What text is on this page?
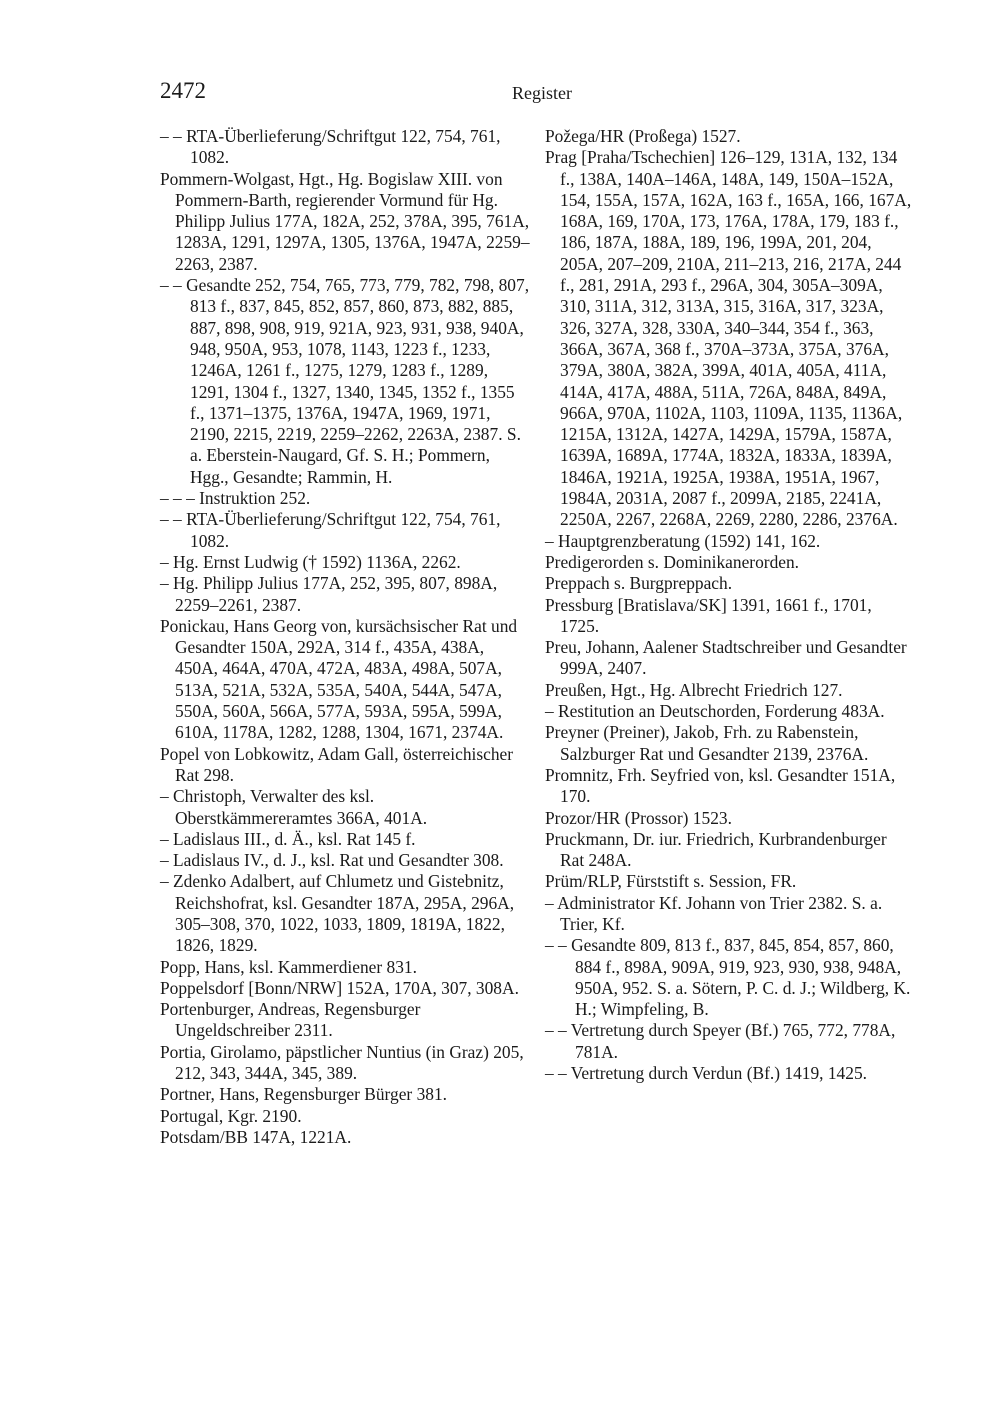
2472	Register
– – RTA-Überlieferung/Schriftgut 122, 754, 761, 1082.
Pommern-Wolgast, Hgt., Hg. Bogislaw XIII. von Pommern-Barth, regierender Vormund für Hg. Philipp Julius 177A, 182A, 252, 378A, 395, 761A, 1283A, 1291, 1297A, 1305, 1376A, 1947A, 2259–2263, 2387.
– – Gesandte 252, 754, 765, 773, 779, 782, 798, 807, 813 f., 837, 845, 852, 857, 860, 873, 882, 885, 887, 898, 908, 919, 921A, 923, 931, 938, 940A, 948, 950A, 953, 1078, 1143, 1223 f., 1233, 1246A, 1261 f., 1275, 1279, 1283 f., 1289, 1291, 1304 f., 1327, 1340, 1345, 1352 f., 1355 f., 1371–1375, 1376A, 1947A, 1969, 1971, 2190, 2215, 2219, 2259–2262, 2263A, 2387. S. a. Eberstein-Naugard, Gf. S. H.; Pommern, Hgg., Gesandte; Rammin, H.
– – – Instruktion 252.
– – RTA-Überlieferung/Schriftgut 122, 754, 761, 1082.
– Hg. Ernst Ludwig († 1592) 1136A, 2262.
– Hg. Philipp Julius 177A, 252, 395, 807, 898A, 2259–2261, 2387.
Ponickau, Hans Georg von, kursächsischer Rat und Gesandter 150A, 292A, 314 f., 435A, 438A, 450A, 464A, 470A, 472A, 483A, 498A, 507A, 513A, 521A, 532A, 535A, 540A, 544A, 547A, 550A, 560A, 566A, 577A, 593A, 595A, 599A, 610A, 1178A, 1282, 1288, 1304, 1671, 2374A.
Popel von Lobkowitz, Adam Gall, österreichischer Rat 298.
– Christoph, Verwalter des ksl. Oberstkämmereramtes 366A, 401A.
– Ladislaus III., d. Ä., ksl. Rat 145 f.
– Ladislaus IV., d. J., ksl. Rat und Gesandter 308.
– Zdenko Adalbert, auf Chlumetz und Gistebnitz, Reichshofrat, ksl. Gesandter 187A, 295A, 296A, 305–308, 370, 1022, 1033, 1809, 1819A, 1822, 1826, 1829.
Popp, Hans, ksl. Kammerdiener 831.
Poppelsdorf [Bonn/NRW] 152A, 170A, 307, 308A.
Portenburger, Andreas, Regensburger Ungeldschreiber 2311.
Portia, Girolamo, päpstlicher Nuntius (in Graz) 205, 212, 343, 344A, 345, 389.
Portner, Hans, Regensburger Bürger 381.
Portugal, Kgr. 2190.
Potsdam/BB 147A, 1221A.
Požega/HR (Proßega) 1527.
Prag [Praha/Tschechien] 126–129, 131A, 132, 134 f., 138A, 140A–146A, 148A, 149, 150A–152A, 154, 155A, 157A, 162A, 163 f., 165A, 166, 167A, 168A, 169, 170A, 173, 176A, 178A, 179, 183 f., 186, 187A, 188A, 189, 196, 199A, 201, 204, 205A, 207–209, 210A, 211–213, 216, 217A, 244 f., 281, 291A, 293 f., 296A, 304, 305A–309A, 310, 311A, 312, 313A, 315, 316A, 317, 323A, 326, 327A, 328, 330A, 340–344, 354 f., 363, 366A, 367A, 368 f., 370A–373A, 375A, 376A, 379A, 380A, 382A, 399A, 401A, 405A, 411A, 414A, 417A, 488A, 511A, 726A, 848A, 849A, 966A, 970A, 1102A, 1103, 1109A, 1135, 1136A, 1215A, 1312A, 1427A, 1429A, 1579A, 1587A, 1639A, 1689A, 1774A, 1832A, 1833A, 1839A, 1846A, 1921A, 1925A, 1938A, 1951A, 1967, 1984A, 2031A, 2087 f., 2099A, 2185, 2241A, 2250A, 2267, 2268A, 2269, 2280, 2286, 2376A.
– Hauptgrenzberatung (1592) 141, 162.
Predigerorden s. Dominikanerorden.
Preppach s. Burgpreppach.
Pressburg [Bratislava/SK] 1391, 1661 f., 1701, 1725.
Preu, Johann, Aalener Stadtschreiber und Gesandter 999A, 2407.
Preußen, Hgt., Hg. Albrecht Friedrich 127.
– Restitution an Deutschorden, Forderung 483A.
Preyner (Preiner), Jakob, Frh. zu Rabenstein, Salzburger Rat und Gesandter 2139, 2376A.
Promnitz, Frh. Seyfried von, ksl. Gesandter 151A, 170.
Prozor/HR (Prossor) 1523.
Pruckmann, Dr. iur. Friedrich, Kurbrandenburger Rat 248A.
Prüm/RLP, Fürststift s. Session, FR.
– Administrator Kf. Johann von Trier 2382. S. a. Trier, Kf.
– – Gesandte 809, 813 f., 837, 845, 854, 857, 860, 884 f., 898A, 909A, 919, 923, 930, 938, 948A, 950A, 952. S. a. Sötern, P. C. d. J.; Wildberg, K. H.; Wimpfeling, B.
– – Vertretung durch Speyer (Bf.) 765, 772, 778A, 781A.
– – Vertretung durch Verdun (Bf.) 1419, 1425.
